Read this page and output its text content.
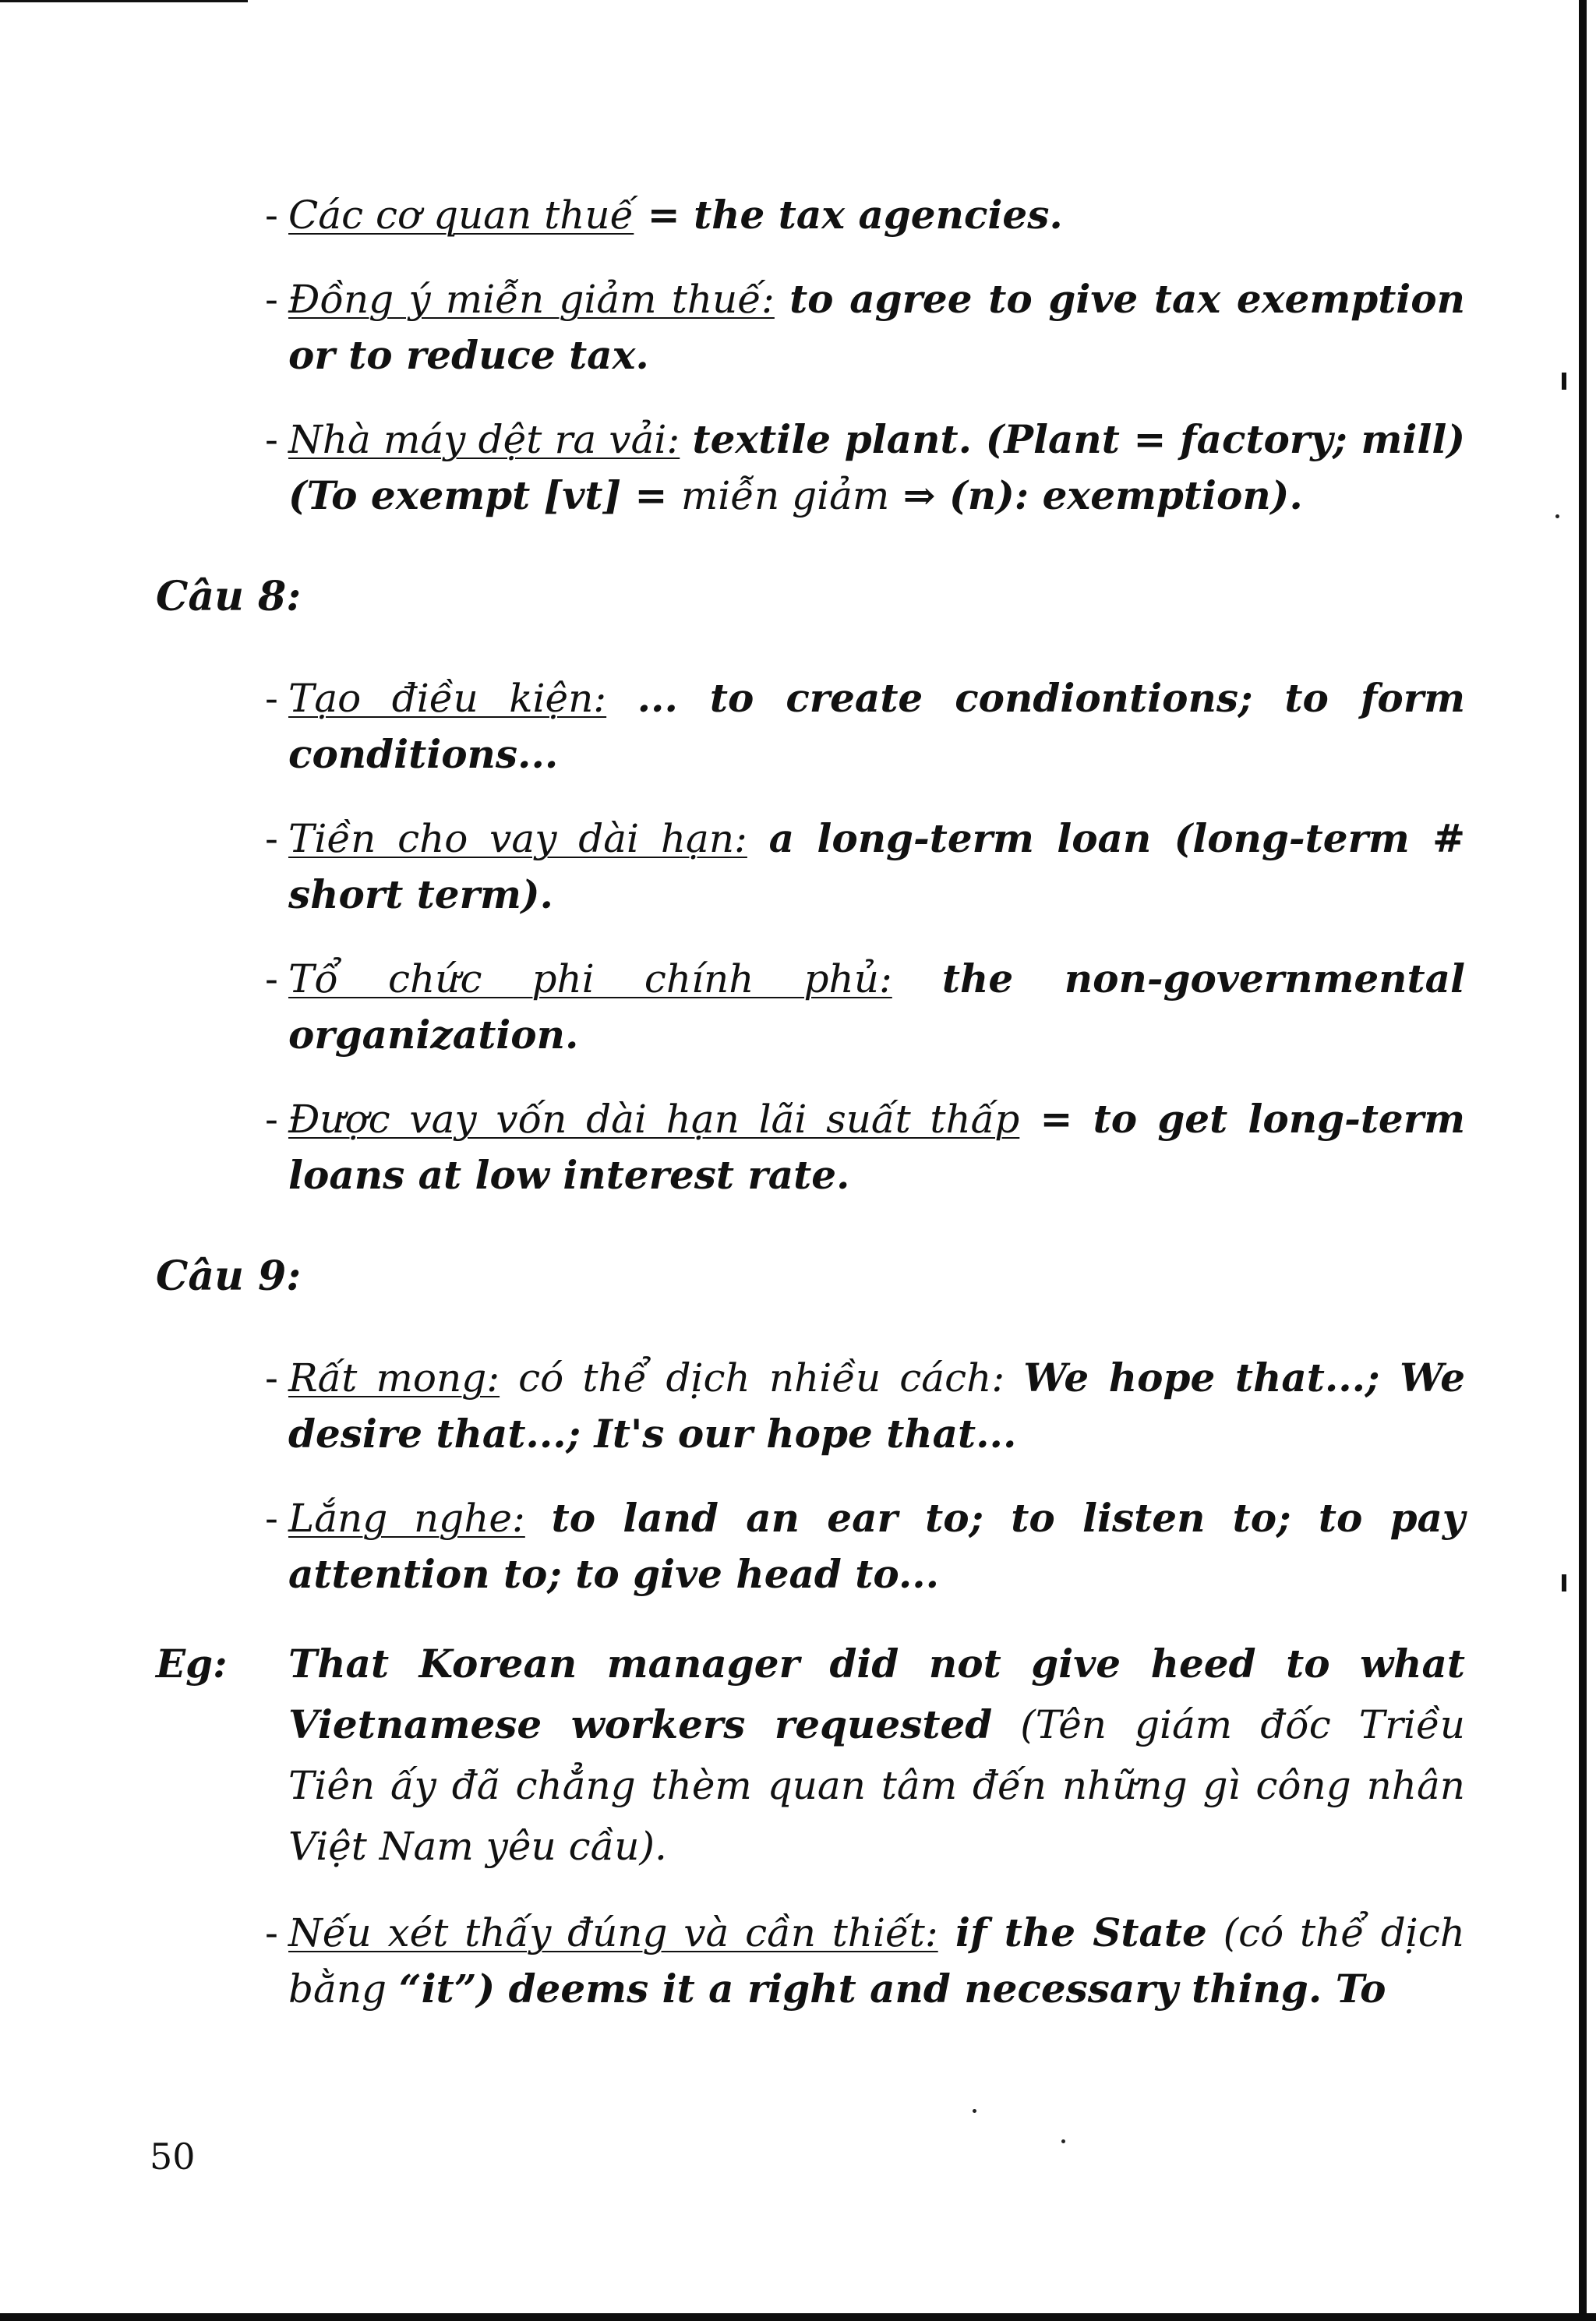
- Các cơ quan thuế = the tax agencies.
- Đồng ý miễn giảm thuế: to agree to give tax exemption or to reduce tax.
- Nhà máy dệt ra vải: textile plant. (Plant = factory; mill) (To exempt [vt] = miễn giảm ⇒ (n): exemption).
Câu 8:
- Tạo điều kiện: ... to create condiontions; to form conditions...
- Tiền cho vay dài hạn: a long-term loan (long-term # short term).
- Tổ chức phi chính phủ: the non-governmental organization.
- Được vay vốn dài hạn lãi suất thấp = to get long-term loans at low interest rate.
Câu 9:
- Rất mong: có thể dịch nhiều cách: We hope that...; We desire that...; It's our hope that...
- Lắng nghe: to land an ear to; to listen to; to pay attention to; to give head to...
Eg:	That Korean manager did not give heed to what Vietnamese workers requested (Tên giám đốc Triều Tiên ấy đã chẳng thèm quan tâm đến những gì công nhân Việt Nam yêu cầu).
- Nếu xét thấy đúng và cần thiết: if the State (có thể dịch bằng “it”) deems it a right and necessary thing. To
50
